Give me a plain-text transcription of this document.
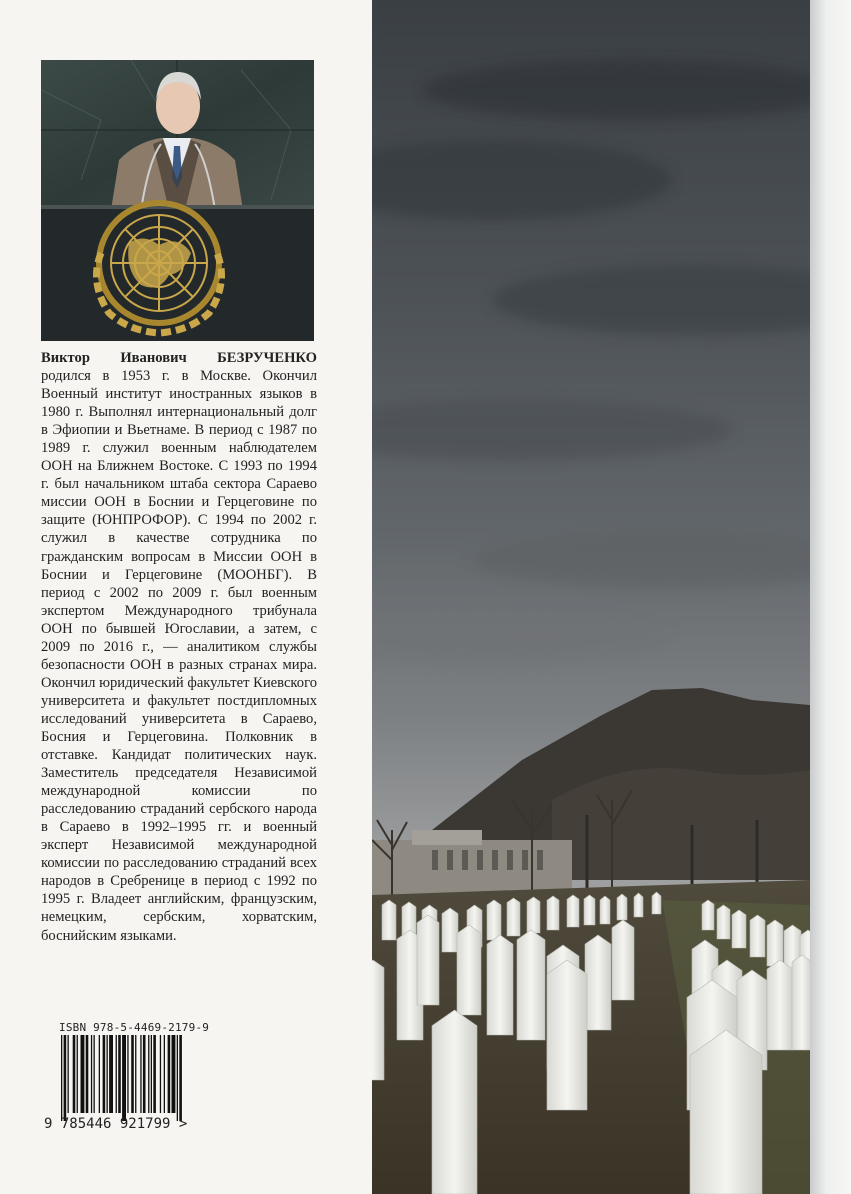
Виктор Иванович БЕЗРУЧЕНКО родился в 1953 г. в Москве. Окончил Военный институт иностранных языков в 1980 г. Выполнял интернациональный долг в Эфиопии и Вьетнаме. В период с 1987 по 1989 г. служил военным наблюдателем ООН на Ближнем Востоке. С 1993 по 1994 г. был начальником штаба сектора Сараево миссии ООН в Боснии и Герцеговине по защите (ЮНПРОФОР). С 1994 по 2002 г. служил в качестве сотрудника по гражданским вопросам в Миссии ООН в Боснии и Герцеговине (МООНБГ). В период с 2002 по 2009 г. был военным экспертом Международного трибунала ООН по бывшей Югославии, а затем, с 2009 по 2016 г., — аналитиком службы безопасности ООН в разных странах мира. Окончил юридический факультет Киевского университета и факультет постдипломных исследований университета в Сараево, Босния и Герцеговина. Полковник в отставке. Кандидат политических наук. Заместитель председателя Независимой международной комиссии по расследованию страданий сербского народа в Сараево в 1992–1995 гг. и военный эксперт Независимой международной комиссии по расследованию страданий всех народов в Сребренице в период с 1992 по 1995 г. Владеет английским, французским, немецким, сербским, хорватским, боснийским языками.

ISBN 978-5-4469-2179-9
9 785446 921799 >
